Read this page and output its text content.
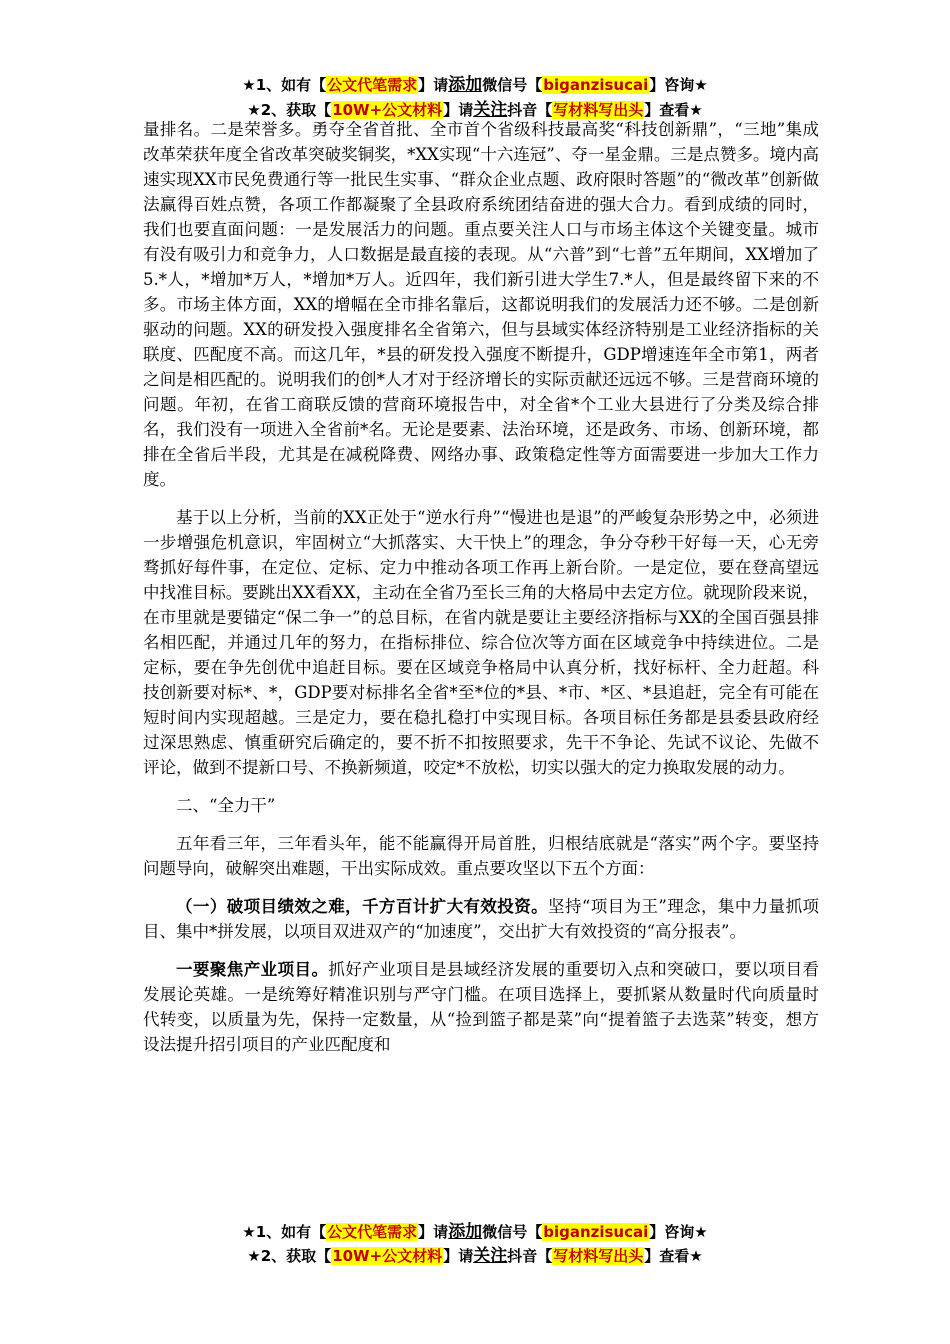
★1、如有【公文代笔需求】请添加微信号【biganzisucai】咨询★
★2、获取【10W+公文材料】请关注抖音【写材料写出头】查看★

量排名。二是荣誉多。勇夺全省首批、全市首个省级科技最高奖“科技创新鼎”，“三地”集成改革荣获年度全省改革突破奖铜奖，*XX实现“十六连冠”、夺一星金鼎。三是点赞多。境内高速实现XX市民免费通行等一批民生实事、“群众企业点题、政府限时答题”的“微改革”创新做法赢得百姓点赞，各项工作都凝聚了全县政府系统团结奋进的强大合力。看到成绩的同时，我们也要直面问题：一是发展活力的问题。重点要关注人口与市场主体这个关键变量。城市有没有吸引力和竞争力，人口数据是最直接的表现。从“六普”到“七普”五年期间，XX增加了5.*人，*增加*万人，*增加*万人。近四年，我们新引进大学生7.*人，但是最终留下来的不多。市场主体方面，XX的增幅在全市排名靠后，这都说明我们的发展活力还不够。二是创新驱动的问题。XX的研发投入强度排名全省第六，但与县域实体经济特别是工业经济指标的关联度、匹配度不高。而这几年，*县的研发投入强度不断提升，GDP增速连年全市第1，两者之间是相匹配的。说明我们的创*人才对于经济增长的实际贡献还远远不够。三是营商环境的问题。年初，在省工商联反馈的营商环境报告中，对全省*个工业大县进行了分类及综合排名，我们没有一项进入全省前*名。无论是要素、法治环境，还是政务、市场、创新环境，都排在全省后半段，尤其是在减税降费、网络办事、政策稳定性等方面需要进一步加大工作力度。

基于以上分析，当前的XX正处于“逆水行舟”“慢进也是退”的严峻复杂形势之中，必须进一步增强危机意识，牢固树立“大抓落实、大干快上”的理念，争分夺秒干好每一天，心无旁骛抓好每件事，在定位、定标、定力中推动各项工作再上新台阶。一是定位，要在登高望远中找准目标。要跳出XX看XX，主动在全省乃至长三角的大格局中去定方位。就现阶段来说，在市里就是要锚定“保二争一”的总目标，在省内就是要让主要经济指标与XX的全国百强县排名相匹配，并通过几年的努力，在指标排位、综合位次等方面在区域竞争中持续进位。二是定标，要在争先创优中追赶目标。要在区域竞争格局中认真分析，找好标杆、全力赶超。科技创新要对标*、*，GDP要对标排名全省*至*位的*县、*市、*区、*县追赶，完全有可能在短时间内实现超越。三是定力，要在稳扎稳打中实现目标。各项目标任务都是县委县政府经过深思熟虑、慎重研究后确定的，要不折不扣按照要求，先干不争论、先试不议论、先做不评论，做到不提新口号、不换新频道，咬定*不放松，切实以强大的定力换取发展的动力。

二、“全力干”

五年看三年，三年看头年，能不能赢得开局首胜，归根结底就是“落实”两个字。要坚持问题导向，破解突出难题，干出实际成效。重点要攻坚以下五个方面：

（一）破项目绩效之难，千方百计扩大有效投资。坚持“项目为王”理念，集中力量抓项目、集中*拼发展，以项目双进双产的“加速度”，交出扩大有效投资的“高分报表”。

一要聚焦产业项目。抓好产业项目是县域经济发展的重要切入点和突破口，要以项目看发展论英雄。一是统筹好精准识别与严守门槛。在项目选择上，要抓紧从数量时代向质量时代转变，以质量为先，保持一定数量，从“捡到篮子都是菜”向“提着篮子去选菜”转变，想方设法提升招引项目的产业匹配度和

★1、如有【公文代笔需求】请添加微信号【biganzisucai】咨询★
★2、获取【10W+公文材料】请关注抖音【写材料写出头】查看★
